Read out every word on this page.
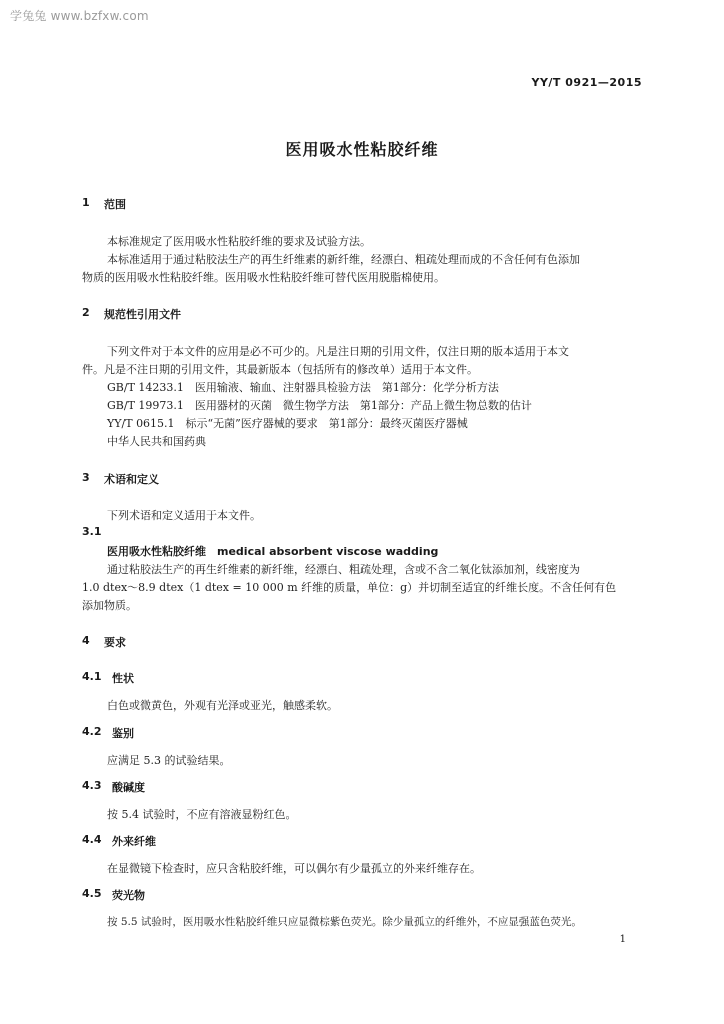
学兔兔 www.bzfxw.com
YY/T 0921—2015
医用吸水性粘胶纤维
1 范围
本标准规定了医用吸水性粘胶纤维的要求及试验方法。
本标准适用于通过粘胶法生产的再生纤维素的新纤维，经漂白、粗疏处理而成的不含任何有色添加
物质的医用吸水性粘胶纤维。医用吸水性粘胶纤维可替代医用脱脂棉使用。
2 规范性引用文件
下列文件对于本文件的应用是必不可少的。凡是注日期的引用文件，仅注日期的版本适用于本文
件。凡是不注日期的引用文件，其最新版本（包括所有的修改单）适用于本文件。
GB/T 14233.1　医用输液、输血、注射器具检验方法　第1部分：化学分析方法
GB/T 19973.1　医用器材的灭菌　微生物学方法　第1部分：产品上微生物总数的估计
YY/T 0615.1　标示“无菌”医疗器械的要求　第1部分：最终灭菌医疗器械
中华人民共和国药典
3 术语和定义
下列术语和定义适用于本文件。
3.1
医用吸水性粘胶纤维　medical absorbent viscose wadding
通过粘胶法生产的再生纤维素的新纤维，经漂白、粗疏处理，含或不含二氧化钛添加剂，线密度为
1.0 dtex～8.9 dtex（1 dtex = 10 000 m 纤维的质量，单位：g）并切制至适宜的纤维长度。不含任何有色
添加物质。
4 要求
4.1 性状
白色或微黄色，外观有光泽或亚光，触感柔软。
4.2 鉴别
应满足 5.3 的试验结果。
4.3 酸碱度
按 5.4 试验时，不应有溶液显粉红色。
4.4 外来纤维
在显微镜下检查时，应只含粘胶纤维，可以偶尔有少量孤立的外来纤维存在。
4.5 荧光物
按 5.5 试验时，医用吸水性粘胶纤维只应显微棕紫色荧光。除少量孤立的纤维外，不应显强蓝色荧光。
1
